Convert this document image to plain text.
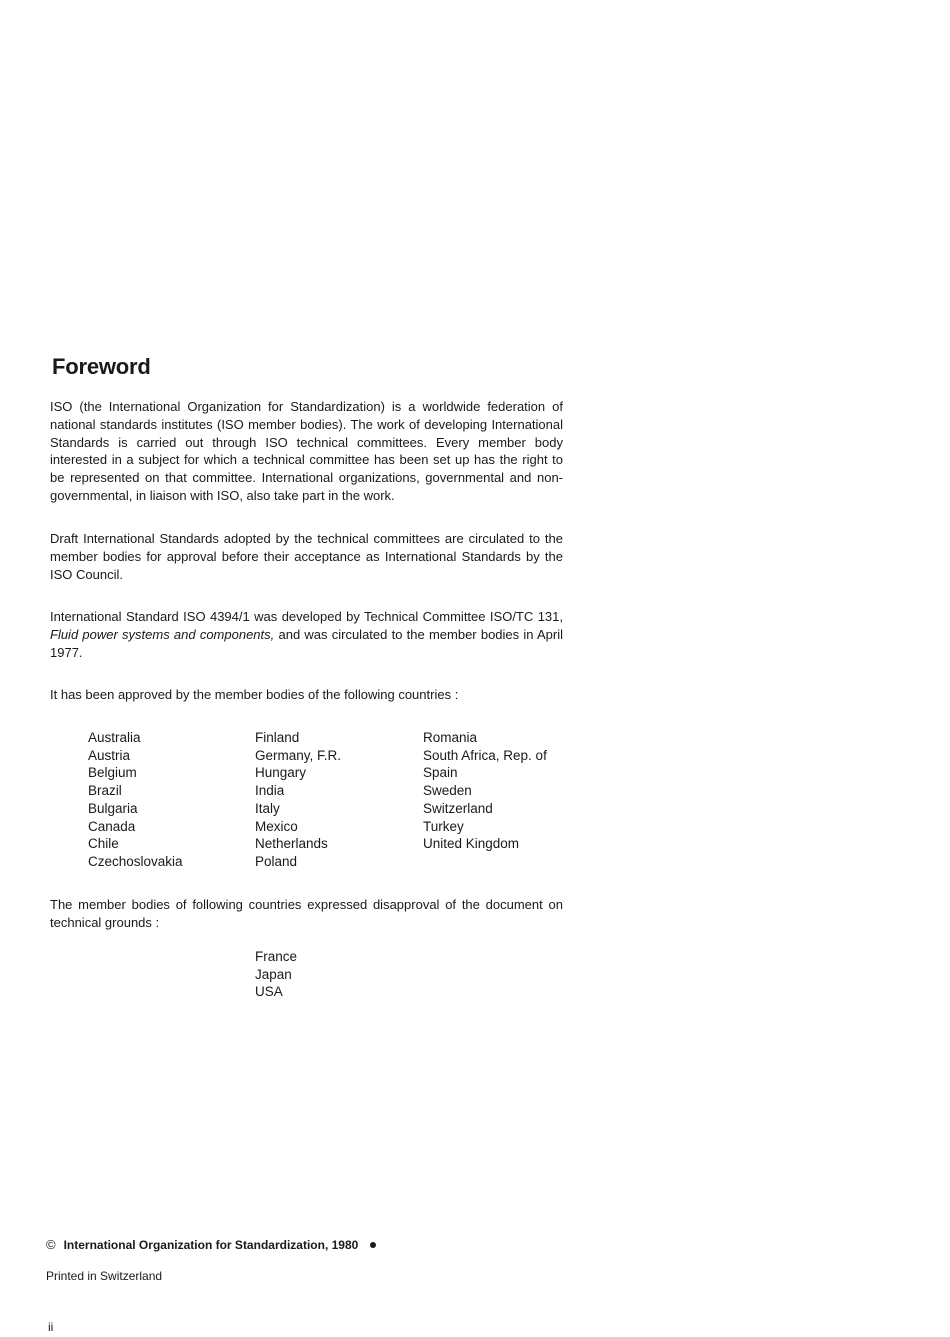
Foreword

ISO (the International Organization for Standardization) is a worldwide federation of national standards institutes (ISO member bodies). The work of developing International Standards is carried out through ISO technical committees. Every member body interested in a subject for which a technical committee has been set up has the right to be represented on that committee. International organizations, governmental and non-governmental, in liaison with ISO, also take part in the work.

Draft International Standards adopted by the technical committees are circulated to the member bodies for approval before their acceptance as International Standards by the ISO Council.

International Standard ISO 4394/1 was developed by Technical Committee ISO/TC 131, Fluid power systems and components, and was circulated to the member bodies in April 1977.

It has been approved by the member bodies of the following countries :

Australia
Austria
Belgium
Brazil
Bulgaria
Canada
Chile
Czechoslovakia
Finland
Germany, F.R.
Hungary
India
Italy
Mexico
Netherlands
Poland
Romania
South Africa, Rep. of
Spain
Sweden
Switzerland
Turkey
United Kingdom

The member bodies of following countries expressed disapproval of the document on technical grounds :

France
Japan
USA

© International Organization for Standardization, 1980

Printed in Switzerland

ii
